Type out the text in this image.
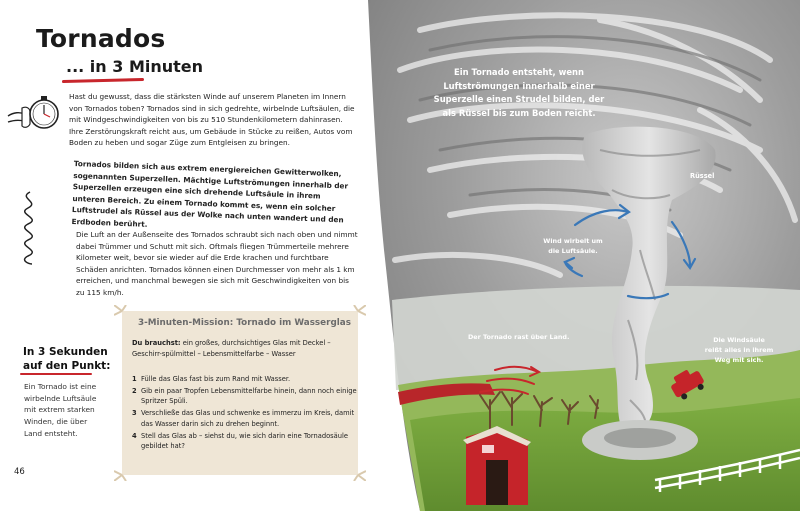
Tornados
... in 3 Minuten

Hast du gewusst, dass die stärksten Winde auf unserem Planeten im Innern von Tornados toben? Tornados sind in sich gedrehte, wirbelnde Luftsäulen, die mit Windgeschwindigkeiten von bis zu 510 Stundenkilometern dahinrasen. Ihre Zerstörungskraft reicht aus, um Gebäude in Stücke zu reißen, Autos vom Boden zu heben und sogar Züge zum Entgleisen zu bringen.

Tornados bilden sich aus extrem energiereichen Gewitterwolken, sogenannten Superzellen. Mächtige Luftströmungen innerhalb der Superzellen erzeugen eine sich drehende Luftsäule in ihrem unteren Bereich. Zu einem Tornado kommt es, wenn ein solcher Luftstrudel als Rüssel aus der Wolke nach unten wandert und den Erdboden berührt.

Die Luft an der Außenseite des Tornados schraubt sich nach oben und nimmt dabei Trümmer und Schutt mit sich. Oftmals fliegen Trümmerteile mehrere Kilometer weit, bevor sie wieder auf die Erde krachen und furchtbare Schäden anrichten. Tornados können einen Durchmesser von mehr als 1 km erreichen, und manchmal bewegen sie sich mit Geschwindigkeiten von bis zu 115 km/h.

In 3 Sekunden
auf den Punkt:
Ein Tornado ist eine wirbelnde Luftsäule mit extrem starken Winden, die über Land entsteht.
46
3-Minuten-Mission: Tornado im Wasserglas
Du brauchst: ein großes, durchsichtiges Glas mit Deckel – Geschirr-spülmittel – Lebensmittelfarbe – Wasser
1 Fülle das Glas fast bis zum Rand mit Wasser.
2 Gib ein paar Tropfen Lebensmittelfarbe hinein, dann noch einige Spritzer Spüli.
3 Verschließe das Glas und schwenke es immerzu im Kreis, damit das Wasser darin sich zu drehen beginnt.
4 Stell das Glas ab – siehst du, wie sich darin eine Tornadosäule gebildet hat?
Ein Tornado entsteht, wenn Luftströmungen innerhalb einer Superzelle einen Strudel bilden, der als Rüssel bis zum Boden reicht.
Rüssel
Wind wirbelt um die Luftsäule.
Der Tornado rast über Land.	Die Windsäule reißt alles in ihrem Weg mit sich.
